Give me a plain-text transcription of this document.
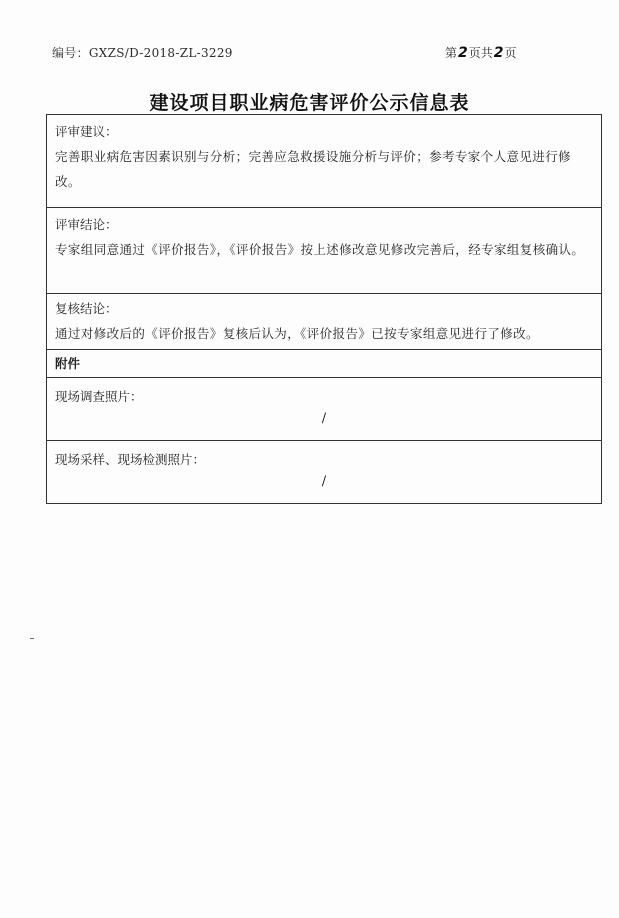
编号：GXZS/D-2018-ZL-3229	第2页共2页
建设项目职业病危害评价公示信息表
评审建议：
完善职业病危害因素识别与分析；完善应急救援设施分析与评价；参考专家个人意见进行修改。
评审结论：
专家组同意通过《评价报告》，《评价报告》按上述修改意见修改完善后，经专家组复核确认。
复核结论：
通过对修改后的《评价报告》复核后认为，《评价报告》已按专家组意见进行了修改。
附件
现场调查照片：
/
现场采样、现场检测照片：
/
